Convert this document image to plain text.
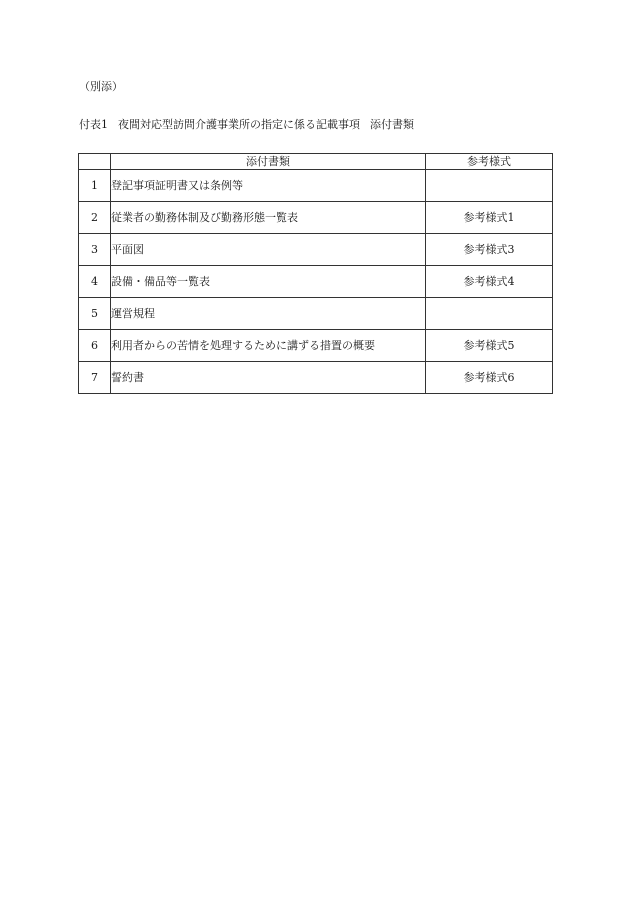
（別添）
付表1 夜間対応型訪問介護事業所の指定に係る記載事項 添付書類
	添付書類	参考様式
1	登記事項証明書又は条例等	
2	従業者の勤務体制及び勤務形態一覧表	参考様式1
3	平面図	参考様式3
4	設備・備品等一覧表	参考様式4
5	運営規程	
6	利用者からの苦情を処理するために講ずる措置の概要	参考様式5
7	誓約書	参考様式6
